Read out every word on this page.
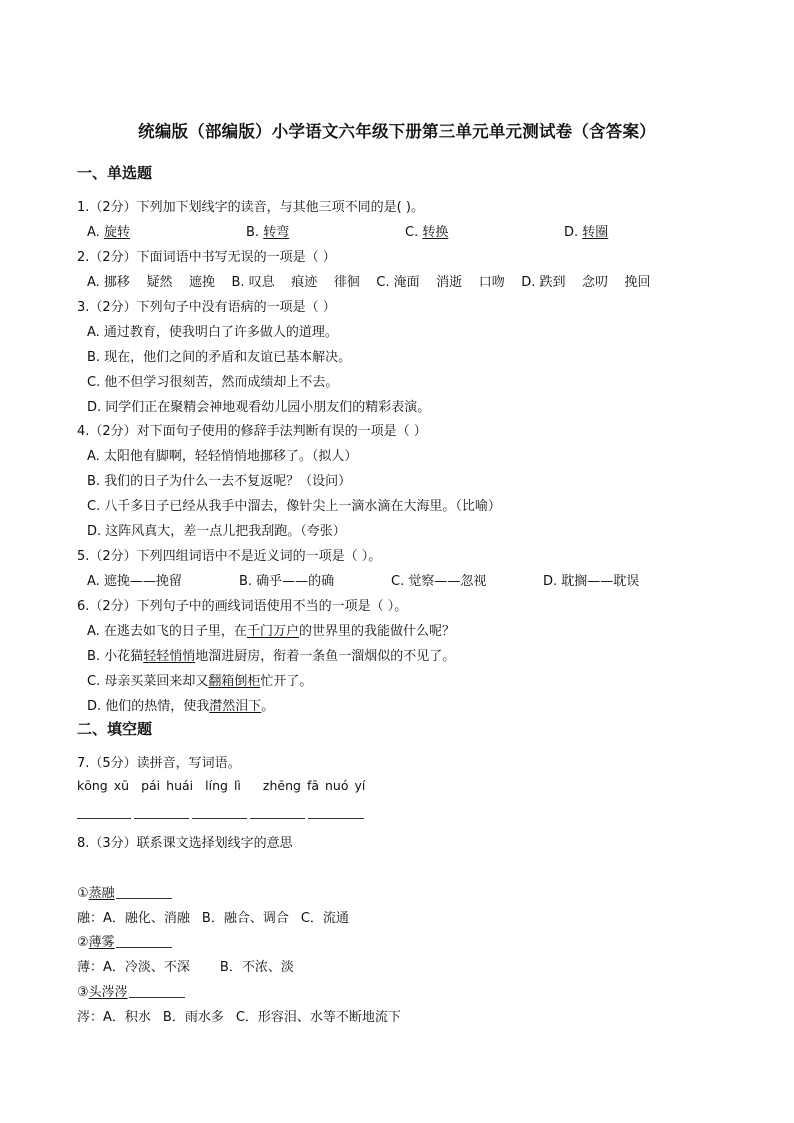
统编版（部编版）小学语文六年级下册第三单元单元测试卷（含答案）
一、单选题
1.（2分）下列加下划线字的读音，与其他三项不同的是( )。
A. 旋转	B. 转弯	C. 转换	D. 转圈
2.（2分）下面词语中书写无误的一项是（ ）
A. 挪移    疑然    遮挽    B. 叹息    痕迹    徘徊    C. 淹面    消逝    口吻    D. 跌到    念叨    挽回
3.（2分）下列句子中没有语病的一项是（ ）
A. 通过教育，使我明白了许多做人的道理。
B. 现在，他们之间的矛盾和友谊已基本解决。
C. 他不但学习很刻苦，然而成绩却上不去。
D. 同学们正在聚精会神地观看幼儿园小朋友们的精彩表演。
4.（2分）对下面句子使用的修辞手法判断有误的一项是（ ）
A. 太阳他有脚啊，轻轻悄悄地挪移了。（拟人）
B. 我们的日子为什么一去不复返呢？（设问）
C. 八千多日子已经从我手中溜去，像针尖上一滴水滴在大海里。（比喻）
D. 这阵风真大，差一点儿把我刮跑。（夸张）
5.（2分）下列四组词语中不是近义词的一项是（ ）。
A. 遮挽——挽留	B. 确乎——的确	C. 觉察——忽视	D. 耽搁——耽误
6.（2分）下列句子中的画线词语使用不当的一项是（ ）。
A. 在逃去如飞的日子里，在千门万户的世界里的我能做什么呢？
B. 小花猫轻轻悄悄地溜进厨房，衔着一条鱼一溜烟似的不见了。
C. 母亲买菜回来却又翻箱倒柜忙开了。
D. 他们的热情，使我潸然泪下。
二、填空题
7.（5分）读拼音，写词语。
kōng xū pái huái líng lì zhēng fā nuó yí
8.（3分）联系课文选择划线字的意思
①蒸融
融：A．融化、消融 B．融合、调合 C．流通
②薄雾
薄：A．冷淡、不深 B．不浓、淡
③头涔涔
涔：A．积水 B．雨水多 C．形容泪、水等不断地流下
